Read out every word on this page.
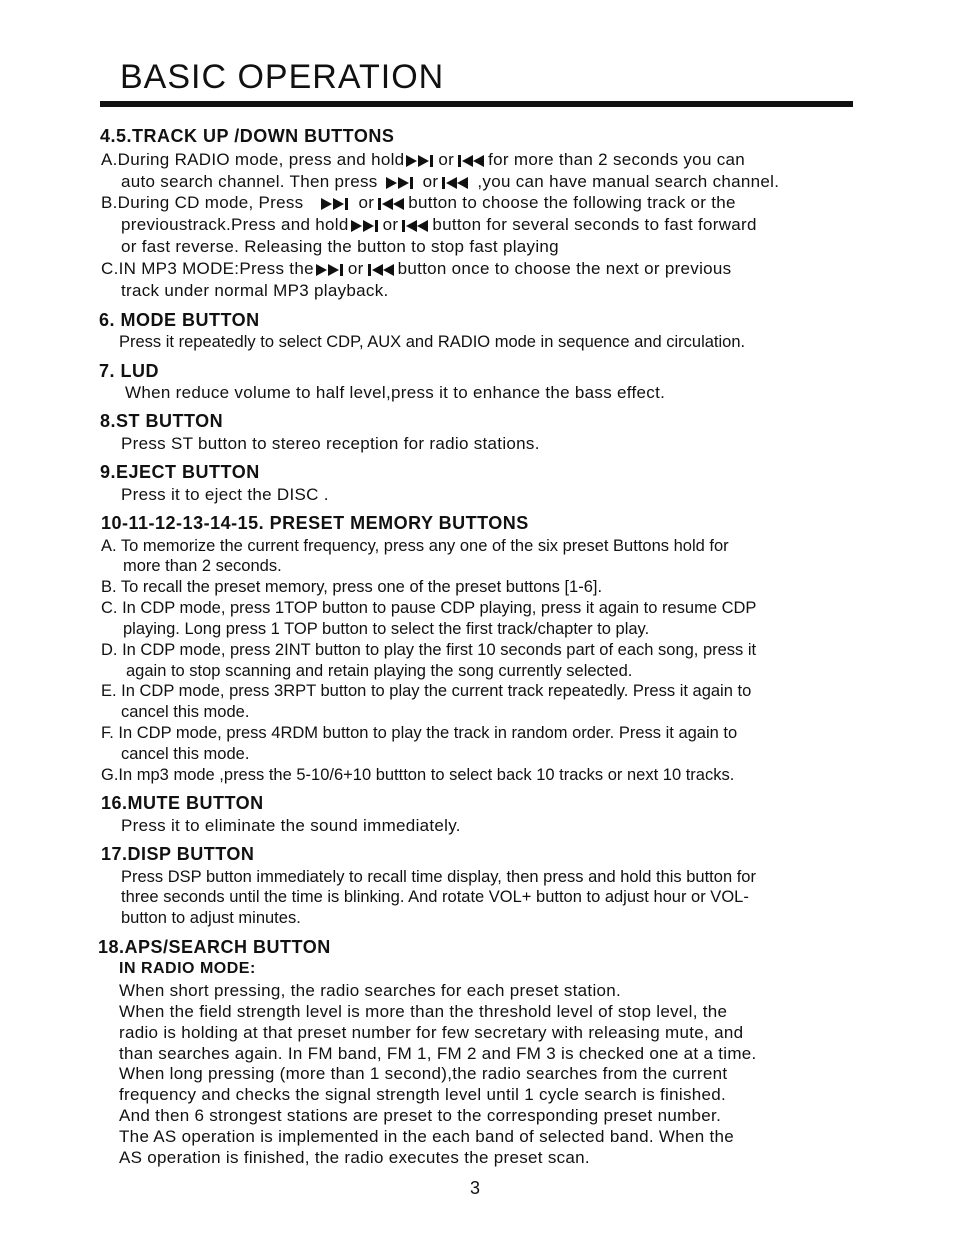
BASIC OPERATION
4.5.TRACK UP /DOWN BUTTONS
A.During RADIO mode, press and hold or for more than 2 seconds you can
auto search channel. Then press	or ,you can have manual search channel.
B.During CD mode, Press	or button to choose the following track or the
previoustrack.Press and hold or button for several seconds to fast forward
or fast reverse. Releasing the button to stop fast playing
C.IN MP3 MODE:Press the or button once to choose the next or previous
track under normal MP3 playback.
6. MODE BUTTON
Press it repeatedly to select CDP, AUX and RADIO mode in sequence and circulation.
7. LUD
When reduce volume to half level,press it to enhance the bass effect.
8.ST BUTTON
Press ST button to stereo reception for radio stations.
9.EJECT BUTTON
Press it to eject the DISC .
10-11-12-13-14-15. PRESET MEMORY BUTTONS
A. To memorize the current frequency, press any one of the six preset Buttons hold for
more than 2 seconds.
B. To recall the preset memory, press one of the preset buttons [1-6].
C. In CDP mode, press 1TOP button to pause CDP playing, press it again to resume CDP
playing. Long press 1 TOP button to select the first track/chapter to play.
D. In CDP mode, press 2INT button to play the first 10 seconds part of each song, press it
again to stop scanning and retain playing the song currently selected.
E. In CDP mode, press 3RPT button to play the current track repeatedly. Press it again to
cancel this mode.
F. In CDP mode, press 4RDM button to play the track in random order. Press it again to
cancel this mode.
G.In mp3 mode ,press the 5-10/6+10 buttton to select back 10 tracks or next 10 tracks.
16.MUTE BUTTON
Press it to eliminate the sound immediately.
17.DISP BUTTON
Press DSP button immediately to recall time display, then press and hold this button for
three seconds until the time is blinking. And rotate VOL+ button to adjust hour or VOL-
button to adjust minutes.
18.APS/SEARCH BUTTON
IN RADIO MODE:
When short pressing, the radio searches for each preset station.
When the field strength level is more than the threshold level of stop level, the
radio is holding at that preset number for few secretary with releasing mute, and
than searches again. In FM band, FM 1, FM 2 and FM 3 is checked one at a time.
When long pressing (more than 1 second),the radio searches from the current
frequency and checks the signal strength level until 1 cycle search is finished.
And then 6 strongest stations are preset to the corresponding preset number.
The AS operation is implemented in the each band of selected band. When the
AS operation is finished, the radio executes the preset scan.
3
